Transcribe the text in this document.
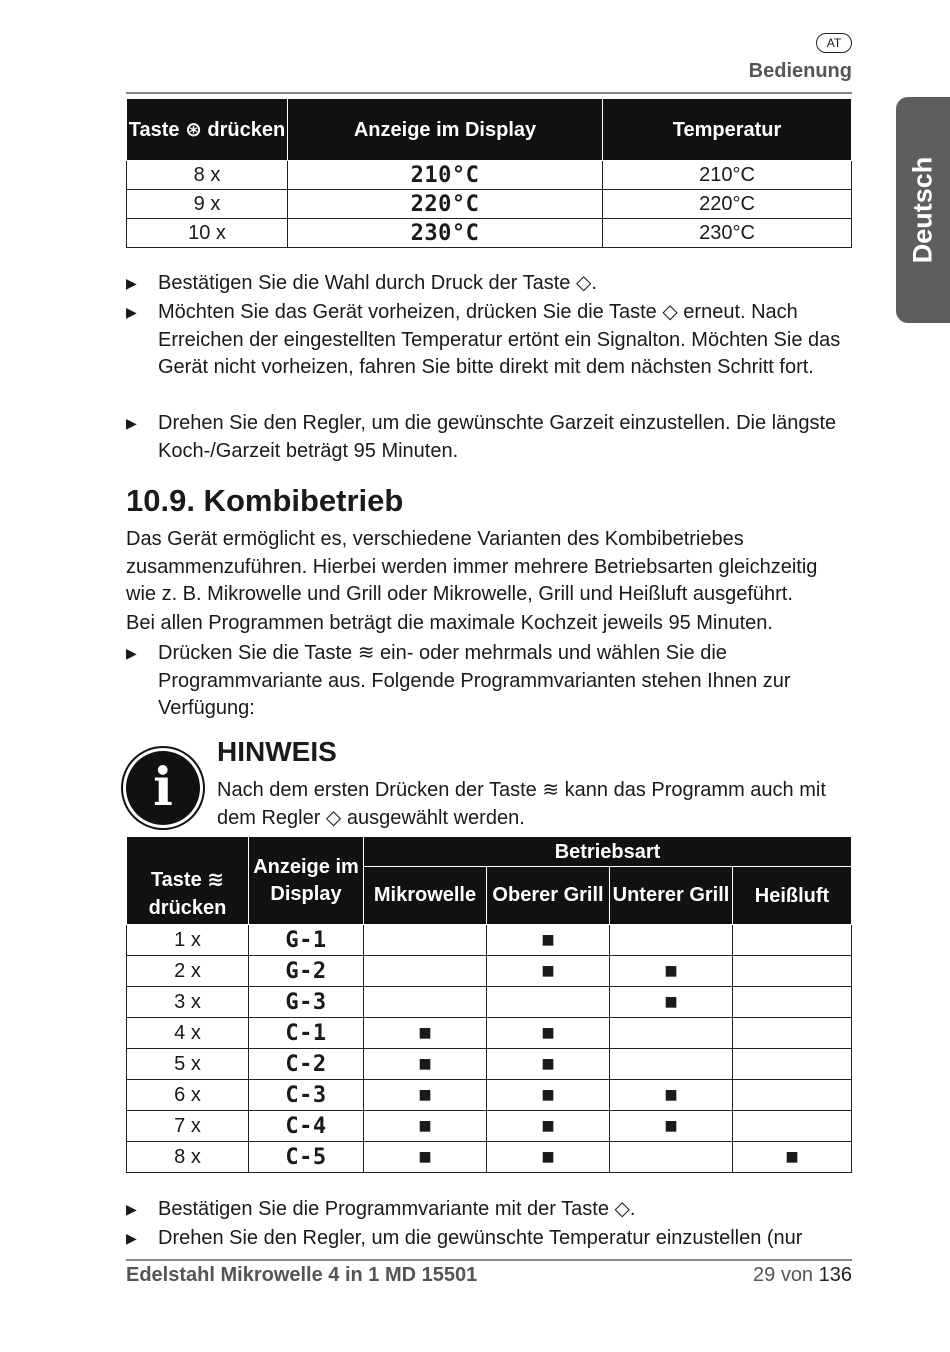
AT
Bedienung
Deutsch
Taste ⊛ drücken	Anzeige im Display	Temperatur
8 x	210°C	210°C
9 x	220°C	220°C
10 x	230°C	230°C
▶ Bestätigen Sie die Wahl durch Druck der Taste ◇.
▶ Möchten Sie das Gerät vorheizen, drücken Sie die Taste ◇ erneut. Nach Erreichen der eingestellten Temperatur ertönt ein Signalton. Möchten Sie das Gerät nicht vorheizen, fahren Sie bitte direkt mit dem nächsten Schritt fort.
▶ Drehen Sie den Regler, um die gewünschte Garzeit einzustellen. Die längste Koch-/Garzeit beträgt 95 Minuten.
10.9. Kombibetrieb
Das Gerät ermöglicht es, verschiedene Varianten des Kombibetriebes zusammenzuführen. Hierbei werden immer mehrere Betriebsarten gleichzeitig wie z. B. Mikrowelle und Grill oder Mikrowelle, Grill und Heißluft ausgeführt.
Bei allen Programmen beträgt die maximale Kochzeit jeweils 95 Minuten.
▶ Drücken Sie die Taste ≋ ein- oder mehrmals und wählen Sie die Programmvariante aus. Folgende Programmvarianten stehen Ihnen zur Verfügung:
i
HINWEIS
Nach dem ersten Drücken der Taste ≋ kann das Programm auch mit dem Regler ◇ ausgewählt werden.
Taste ≋ drücken	Anzeige im Display	Betriebsart			
		Mikrowelle	Oberer Grill	Unterer Grill	Heißluft
1 x	G-1		■		
2 x	G-2		■	■	
3 x	G-3			■	
4 x	C-1	■	■		
5 x	C-2	■	■		
6 x	C-3	■	■	■	
7 x	C-4	■	■	■	
8 x	C-5	■	■		■
▶ Bestätigen Sie die Programmvariante mit der Taste ◇.
▶ Drehen Sie den Regler, um die gewünschte Temperatur einzustellen (nur
Edelstahl Mikrowelle 4 in 1 MD 15501	29 von 136
